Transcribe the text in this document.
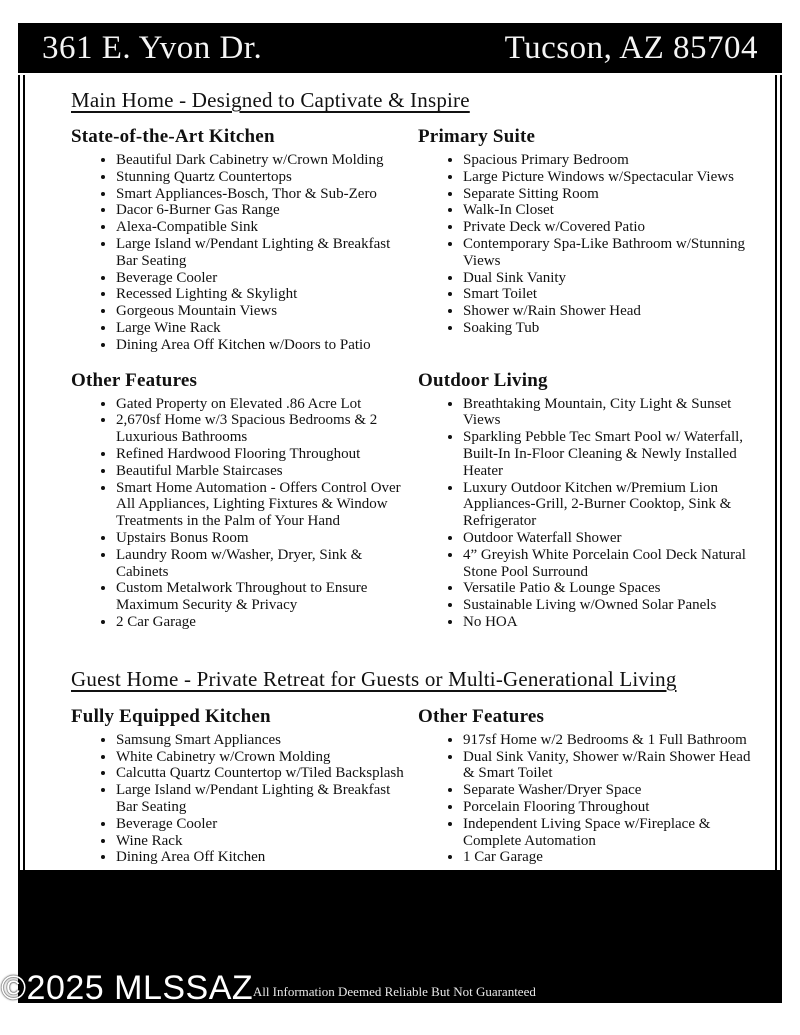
361 E. Yvon Dr.	Tucson, AZ 85704
Main Home - Designed to Captivate & Inspire
State-of-the-Art Kitchen
• Beautiful Dark Cabinetry w/Crown Molding
• Stunning Quartz Countertops
• Smart Appliances-Bosch, Thor & Sub-Zero
• Dacor 6-Burner Gas Range
• Alexa-Compatible Sink
• Large Island w/Pendant Lighting & Breakfast Bar Seating
• Beverage Cooler
• Recessed Lighting & Skylight
• Gorgeous Mountain Views
• Large Wine Rack
• Dining Area Off Kitchen w/Doors to Patio
Primary Suite
• Spacious Primary Bedroom
• Large Picture Windows w/Spectacular Views
• Separate Sitting Room
• Walk-In Closet
• Private Deck w/Covered Patio
• Contemporary Spa-Like Bathroom w/Stunning Views
• Dual Sink Vanity
• Smart Toilet
• Shower w/Rain Shower Head
• Soaking Tub
Other Features
• Gated Property on Elevated .86 Acre Lot
• 2,670sf Home w/3 Spacious Bedrooms & 2 Luxurious Bathrooms
• Refined Hardwood Flooring Throughout
• Beautiful Marble Staircases
• Smart Home Automation - Offers Control Over All Appliances, Lighting Fixtures & Window Treatments in the Palm of Your Hand
• Upstairs Bonus Room
• Laundry Room w/Washer, Dryer, Sink & Cabinets
• Custom Metalwork Throughout to Ensure Maximum Security & Privacy
• 2 Car Garage
Outdoor Living
• Breathtaking Mountain, City Light & Sunset Views
• Sparkling Pebble Tec Smart Pool w/ Waterfall, Built-In In-Floor Cleaning & Newly Installed Heater
• Luxury Outdoor Kitchen w/Premium Lion Appliances-Grill, 2-Burner Cooktop, Sink & Refrigerator
• Outdoor Waterfall Shower
• 4” Greyish White Porcelain Cool Deck Natural Stone Pool Surround
• Versatile Patio & Lounge Spaces
• Sustainable Living w/Owned Solar Panels
• No HOA
Guest Home - Private Retreat for Guests or Multi-Generational Living
Fully Equipped Kitchen
• Samsung Smart Appliances
• White Cabinetry w/Crown Molding
• Calcutta Quartz Countertop w/Tiled Backsplash
• Large Island w/Pendant Lighting & Breakfast Bar Seating
• Beverage Cooler
• Wine Rack
• Dining Area Off Kitchen
Other Features
• 917sf Home w/2 Bedrooms & 1 Full Bathroom
• Dual Sink Vanity, Shower w/Rain Shower Head & Smart Toilet
• Separate Washer/Dryer Space
• Porcelain Flooring Throughout
• Independent Living Space w/Fireplace & Complete Automation
• 1 Car Garage
All Information Deemed Reliable But Not Guaranteed
©2025 MLSSAZ
